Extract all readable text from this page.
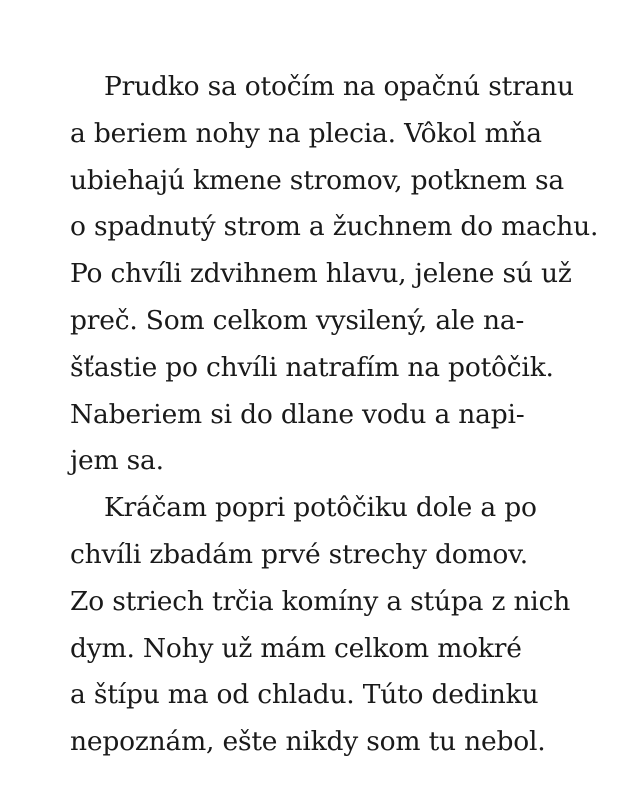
Prudko sa otočím na opačnú stranu
a beriem nohy na plecia. Vôkol mňa
ubiehajú kmene stromov, potknem sa
o spadnutý strom a žuchnem do machu.
Po chvíli zdvihnem hlavu, jelene sú už
preč. Som celkom vysilený, ale na-
šťastie po chvíli natrafím na potôčik.
Naberiem si do dlane vodu a napi-
jem sa.
Kráčam popri potôčiku dole a po
chvíli zbadám prvé strechy domov.
Zo striech trčia komíny a stúpa z nich
dym. Nohy už mám celkom mokré
a štípu ma od chladu. Túto dedinku
nepoznám, ešte nikdy som tu nebol.
